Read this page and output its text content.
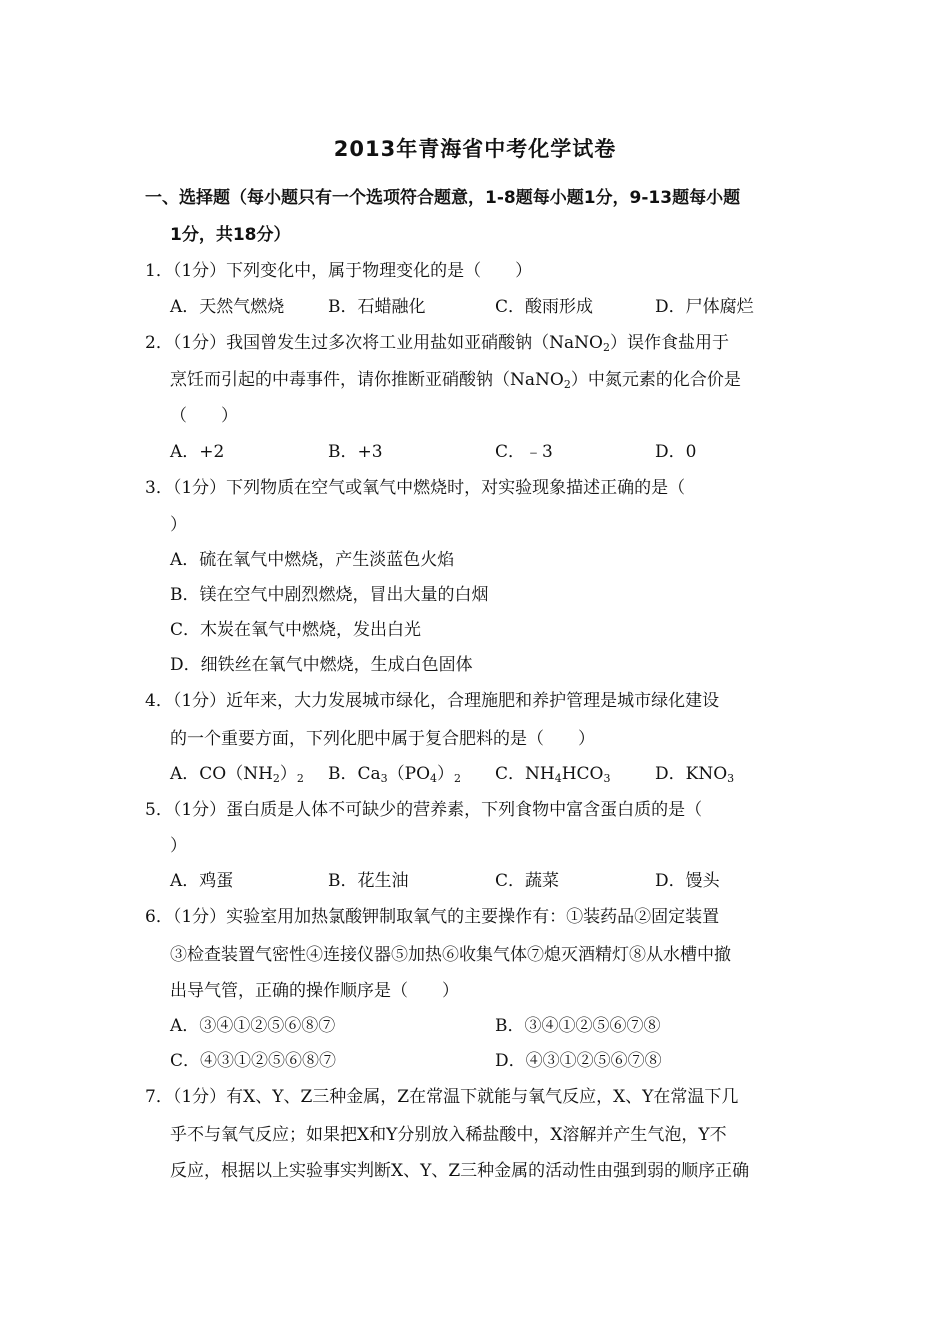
2013年青海省中考化学试卷
一、选择题（每小题只有一个选项符合题意，1-8题每小题1分，9-13题每小题
1分，共18分）
1．（1分）下列变化中，属于物理变化的是（　　）
A．天然气燃烧	B．石蜡融化	C．酸雨形成	D．尸体腐烂
2．（1分）我国曾发生过多次将工业用盐如亚硝酸钠（NaNO$_2$）误作食盐用于
烹饪而引起的中毒事件，请你推断亚硝酸钠（NaNO$_2$）中氮元素的化合价是
（　　）
A．+2	B．+3	C．﹣3	D．0
3．（1分）下列物质在空气或氧气中燃烧时，对实验现象描述正确的是（
）
A．硫在氧气中燃烧，产生淡蓝色火焰
B．镁在空气中剧烈燃烧，冒出大量的白烟
C．木炭在氧气中燃烧，发出白光
D．细铁丝在氧气中燃烧，生成白色固体
4．（1分）近年来，大力发展城市绿化，合理施肥和养护管理是城市绿化建设
的一个重要方面，下列化肥中属于复合肥料的是（　　）
A．$CO(NH_2)_2$ B．$Ca_3(PO_4)_2$ C．$NH_4HCO_3$	D．$KNO_3$
5．（1分）蛋白质是人体不可缺少的营养素，下列食物中富含蛋白质的是（
）
A．鸡蛋	B．花生油	C．蔬菜	D．馒头
6．（1分）实验室用加热氯酸钾制取氧气的主要操作有：①装药品②固定装置
③检查装置气密性④连接仪器⑤加热⑥收集气体⑦熄灭酒精灯⑧从水槽中撤
出导气管，正确的操作顺序是（　　）
A．③④①②⑤⑥⑧⑦	B．③④①②⑤⑥⑦⑧
C．④③①②⑤⑥⑧⑦	D．④③①②⑤⑥⑦⑧
7．（1分）有X、Y、Z三种金属，Z在常温下就能与氧气反应，X、Y在常温下几
乎不与氧气反应；如果把X和Y分别放入稀盐酸中，X溶解并产生气泡，Y不
反应，根据以上实验事实判断X、Y、Z三种金属的活动性由强到弱的顺序正确
